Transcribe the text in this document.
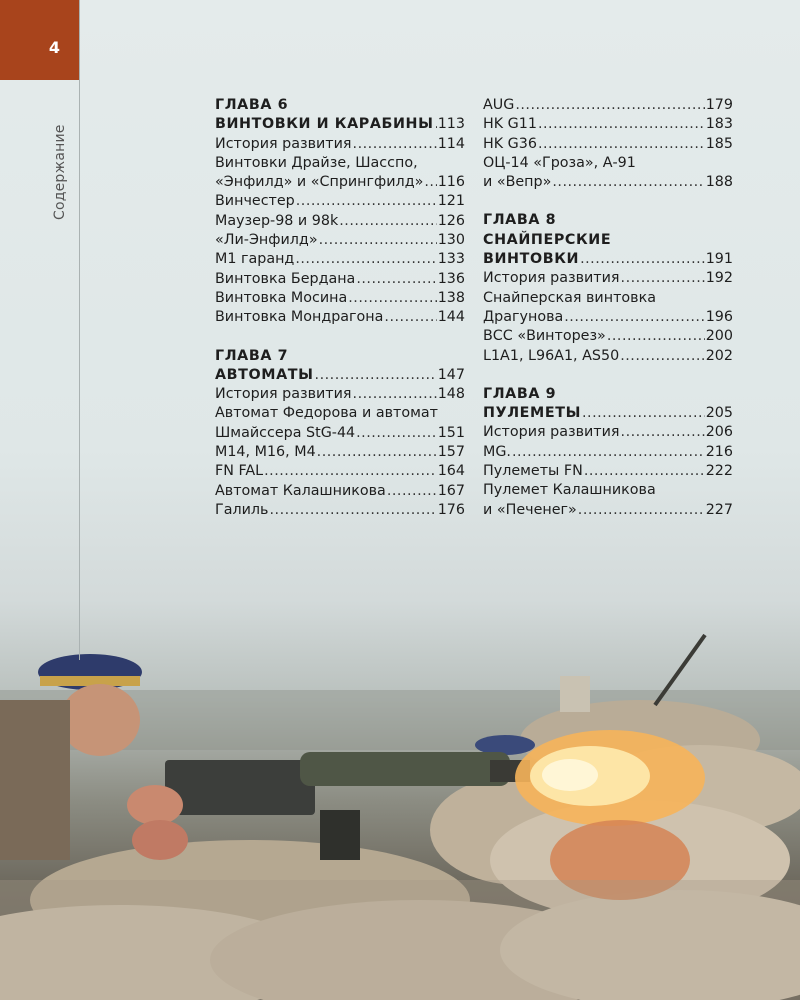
4
Содержание
ГЛАВА 6
ВИНТОВКИ И КАРАБИНЫ ..... 113
История развития .....	114
Винтовки Драйзе, Шасспо,
«Энфилд» и «Спрингфилд» ..... 116
Винчестер .....	121
Маузер-98 и 98k .....	126
«Ли-Энфилд» .....	130
М1 гаранд .....	133
Винтовка Бердана .....	136
Винтовка Мосина .....	138
Винтовка Мондрагона .....	144
ГЛАВА 7
АВТОМАТЫ .....	147
История развития .....	148
Автомат Федорова и автомат
Шмайссера StG-44 .....	151
M14, M16, M4 .....	157
FN FAL .....	164
Автомат Калашникова .....	167
Галиль .....	176
AUG .....	179
HK G11 .....	183
HK G36 .....	185
ОЦ-14 «Гроза», А-91
и «Вепр» .....	188
ГЛАВА 8
СНАЙПЕРСКИЕ
ВИНТОВКИ .....	191
История развития .....	192
Снайперская винтовка
Драгунова .....	196
ВСС «Винторез» .....	200
L1A1, L96A1, AS50 .....	202
ГЛАВА 9
ПУЛЕМЕТЫ .....	205
История развития .....	206
MG. .....	216
Пулеметы FN .....	222
Пулемет Калашникова
и «Печенег» .....	227
